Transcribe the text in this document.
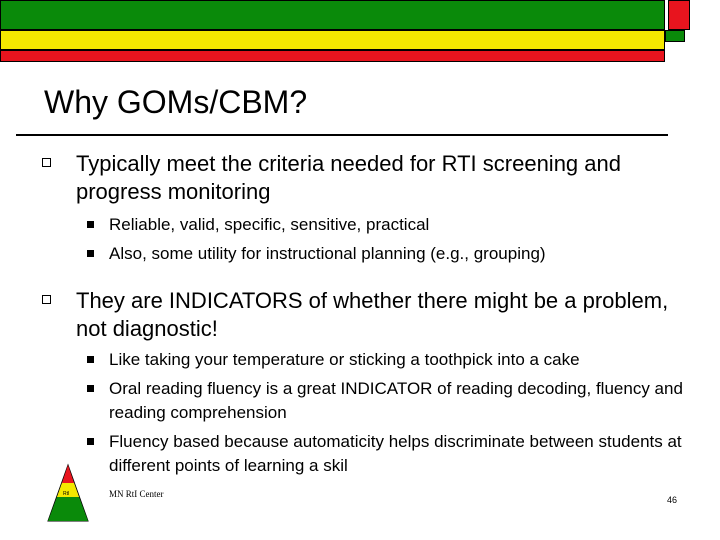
Why GOMs/CBM?
Typically meet the criteria needed for RTI screening and progress monitoring
Reliable, valid, specific, sensitive, practical
Also, some utility for instructional planning (e.g., grouping)
They are INDICATORS of whether there might be a problem, not diagnostic!
Like taking your temperature or sticking a toothpick into a cake
Oral reading fluency is a great INDICATOR of reading decoding, fluency and reading comprehension
Fluency based because automaticity helps discriminate between students at different points of learning a skil
RtI	MN RtI Center
46
